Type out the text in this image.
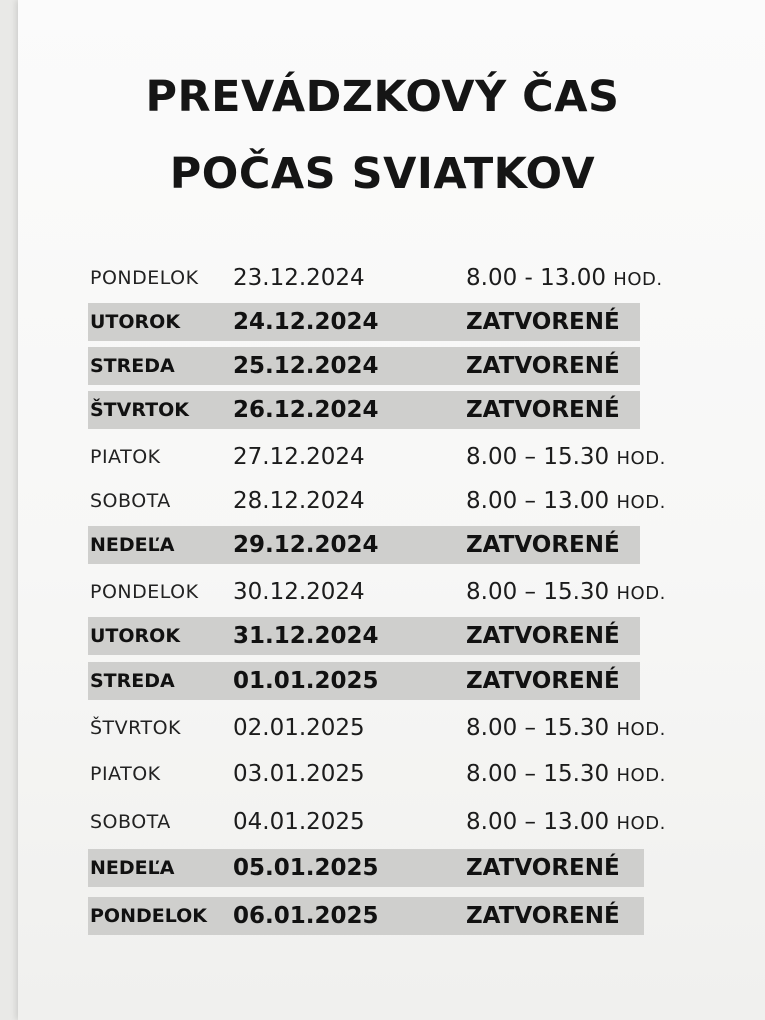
PREVÁDZKOVÝ ČAS
POČAS SVIATKOV
PONDELOK 23.12.2024	8.00 - 13.00 HOD.
UTOROK 24.12.2024	ZATVORENÉ
STREDA	25.12.2024	ZATVORENÉ
ŠTVRTOK 26.12.2024	ZATVORENÉ
PIATOK	27.12.2024	8.00 – 15.30 HOD.
SOBOTA	28.12.2024	8.00 – 13.00 HOD.
NEDEĽA	29.12.2024	ZATVORENÉ
PONDELOK 30.12.2024	8.00 – 15.30 HOD.
UTOROK 31.12.2024	ZATVORENÉ
STREDA	01.01.2025	ZATVORENÉ
ŠTVRTOK 02.01.2025	8.00 – 15.30 HOD.
PIATOK	03.01.2025	8.00 – 15.30 HOD.
SOBOTA	04.01.2025	8.00 – 13.00 HOD.
NEDEĽA	05.01.2025	ZATVORENÉ
PONDELOK 06.01.2025	ZATVORENÉ
